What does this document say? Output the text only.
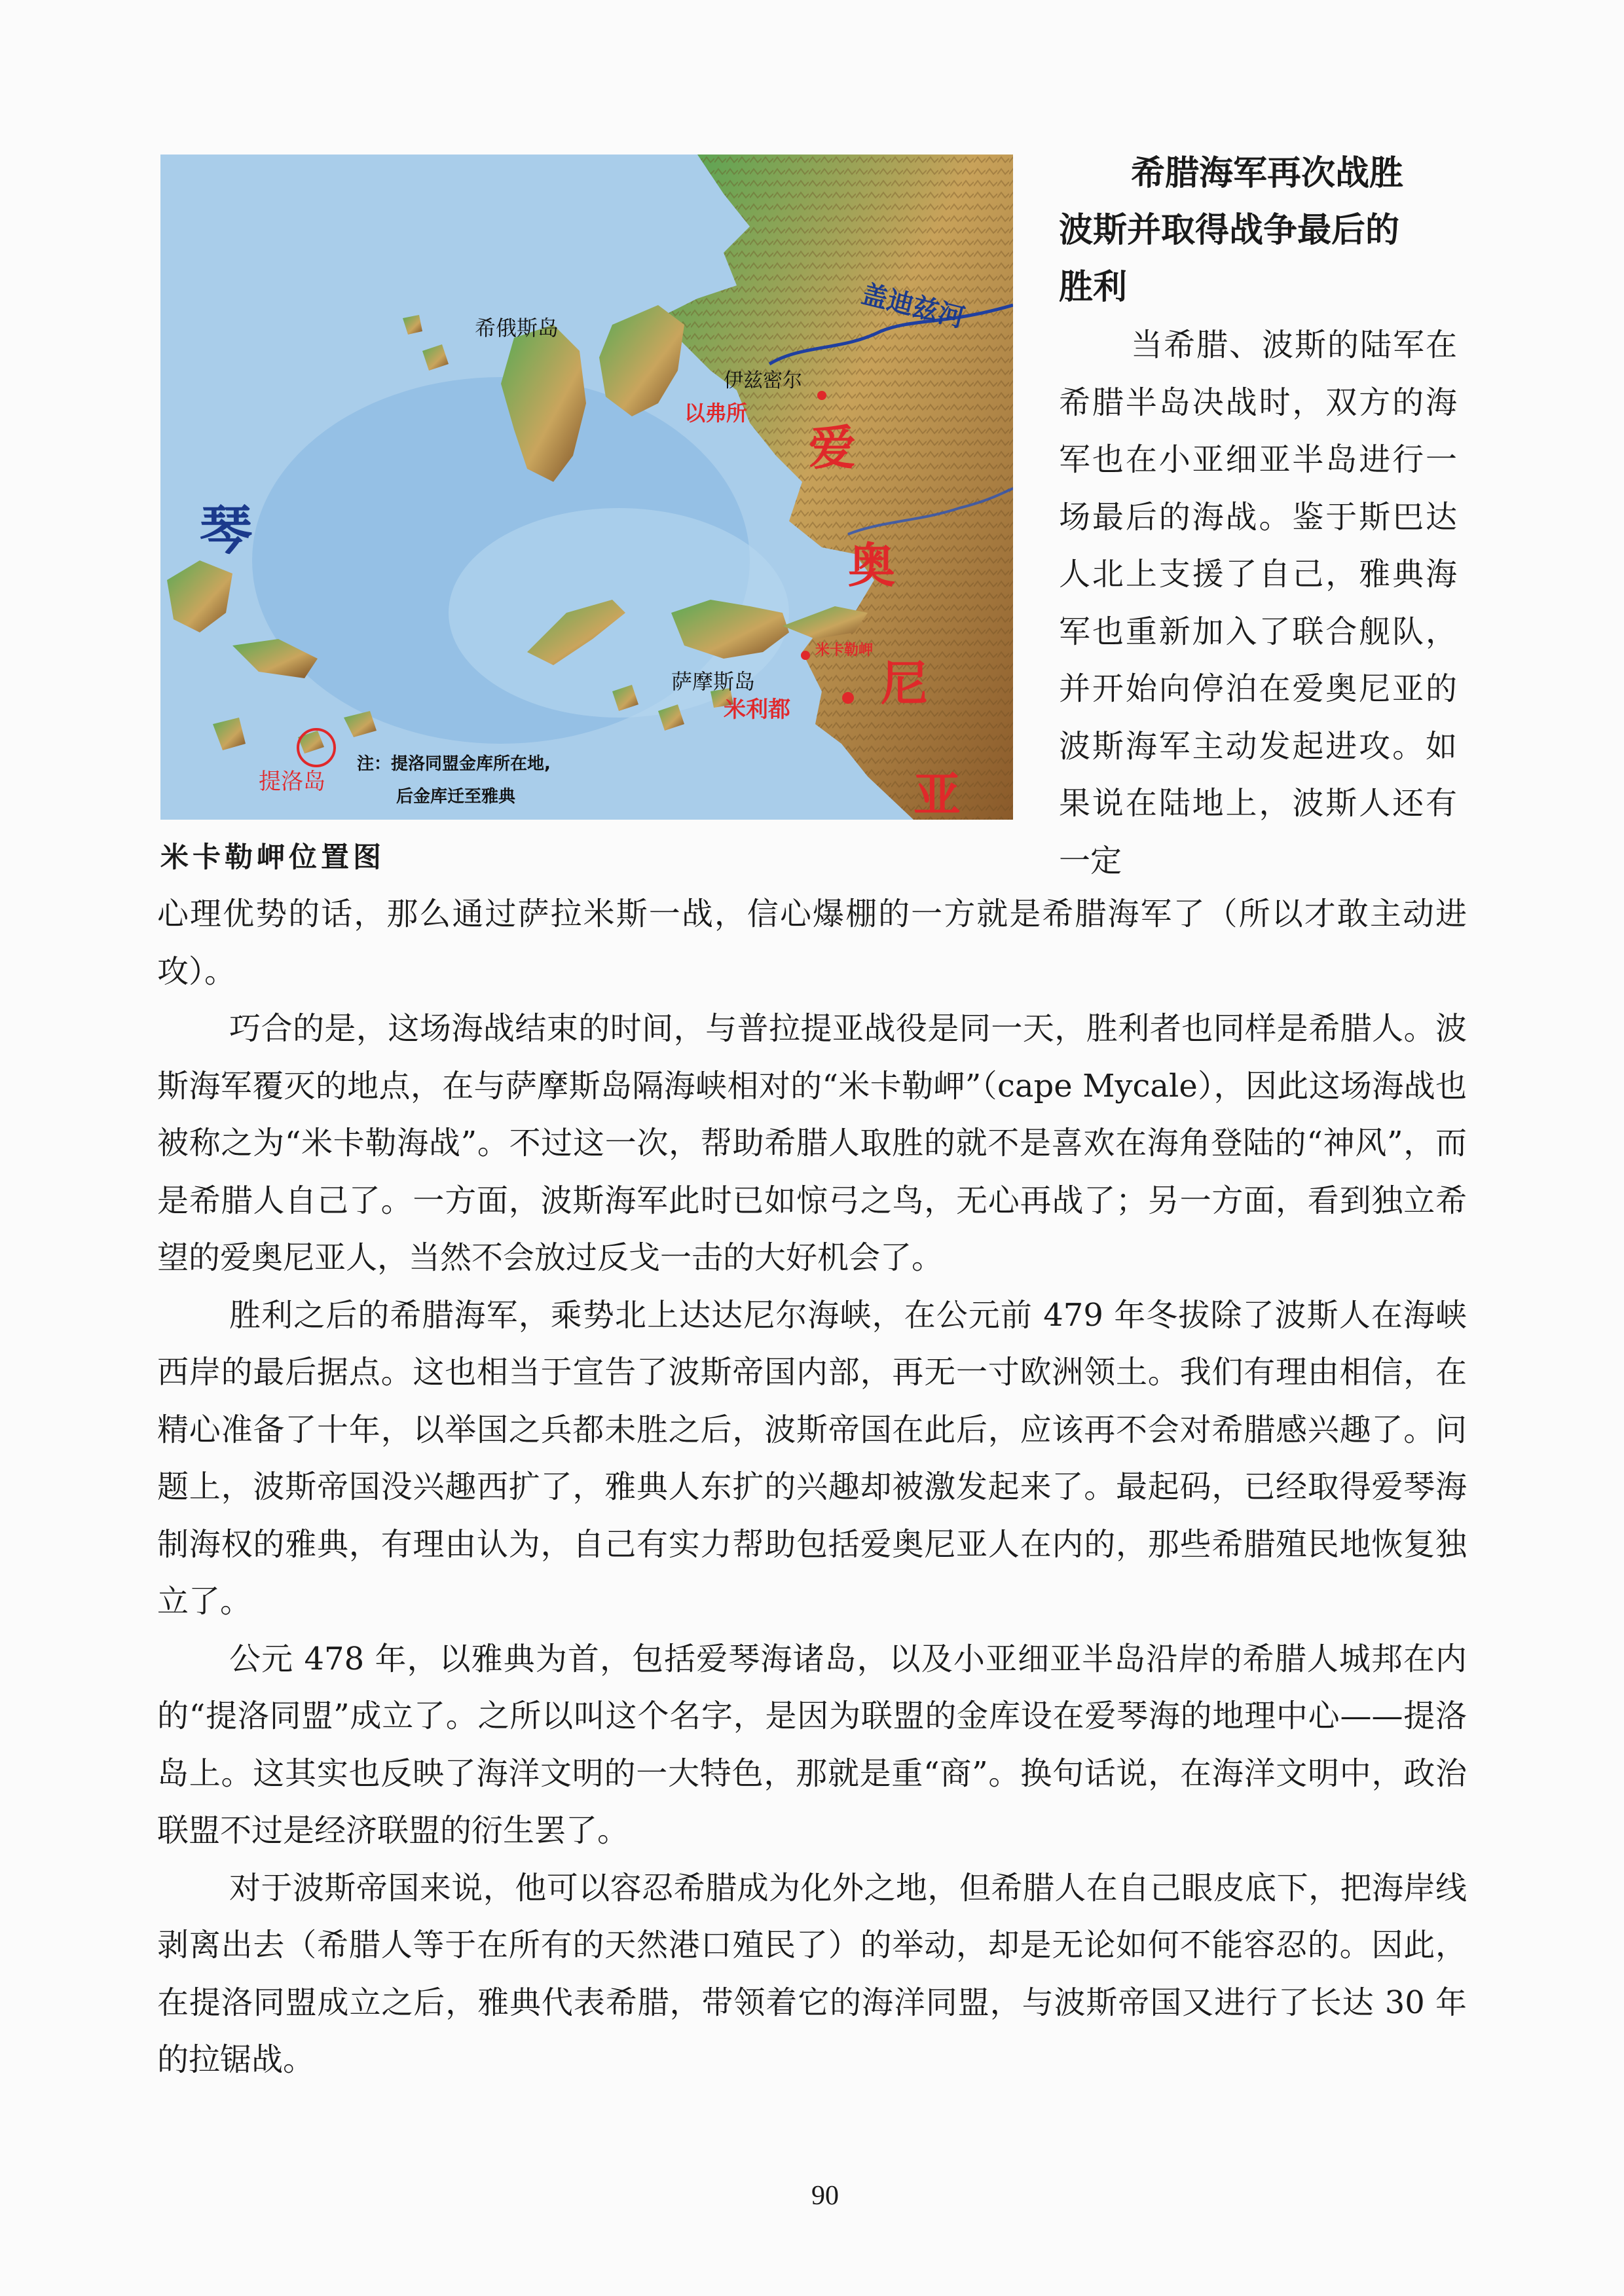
希俄斯岛
伊兹密尔
以弗所
盖迪兹河
爱
奥
尼
亚
琴
萨摩斯岛
米利都
米卡勒岬
提洛岛
注：提洛同盟金库所在地,
后金库迁至雅典
米卡勒岬位置图
希腊海军再次战胜
波斯并取得战争最后的
胜利

当希腊、波斯的陆军在希腊半岛决战时，双方的海军也在小亚细亚半岛进行一场最后的海战。鉴于斯巴达人北上支援了自己，雅典海军也重新加入了联合舰队，并开始向停泊在爱奥尼亚的波斯海军主动发起进攻。如果说在陆地上，波斯人还有一定

心理优势的话，那么通过萨拉米斯一战，信心爆棚的一方就是希腊海军了（所以才敢主动进攻）。

巧合的是，这场海战结束的时间，与普拉提亚战役是同一天，胜利者也同样是希腊人。波斯海军覆灭的地点，在与萨摩斯岛隔海峡相对的“米卡勒岬”（cape Mycale），因此这场海战也被称之为“米卡勒海战”。不过这一次，帮助希腊人取胜的就不是喜欢在海角登陆的“神风”，而是希腊人自己了。一方面，波斯海军此时已如惊弓之鸟，无心再战了；另一方面，看到独立希望的爱奥尼亚人，当然不会放过反戈一击的大好机会了。

胜利之后的希腊海军，乘势北上达达尼尔海峡，在公元前 479 年冬拔除了波斯人在海峡西岸的最后据点。这也相当于宣告了波斯帝国内部，再无一寸欧洲领土。我们有理由相信，在精心准备了十年，以举国之兵都未胜之后，波斯帝国在此后，应该再不会对希腊感兴趣了。问题上，波斯帝国没兴趣西扩了，雅典人东扩的兴趣却被激发起来了。最起码，已经取得爱琴海制海权的雅典，有理由认为，自己有实力帮助包括爱奥尼亚人在内的，那些希腊殖民地恢复独立了。

公元 478 年，以雅典为首，包括爱琴海诸岛，以及小亚细亚半岛沿岸的希腊人城邦在内的“提洛同盟”成立了。之所以叫这个名字，是因为联盟的金库设在爱琴海的地理中心——提洛岛上。这其实也反映了海洋文明的一大特色，那就是重“商”。换句话说，在海洋文明中，政治联盟不过是经济联盟的衍生罢了。

对于波斯帝国来说，他可以容忍希腊成为化外之地，但希腊人在自己眼皮底下，把海岸线剥离出去（希腊人等于在所有的天然港口殖民了）的举动，却是无论如何不能容忍的。因此，在提洛同盟成立之后，雅典代表希腊，带领着它的海洋同盟，与波斯帝国又进行了长达 30 年的拉锯战。

90
